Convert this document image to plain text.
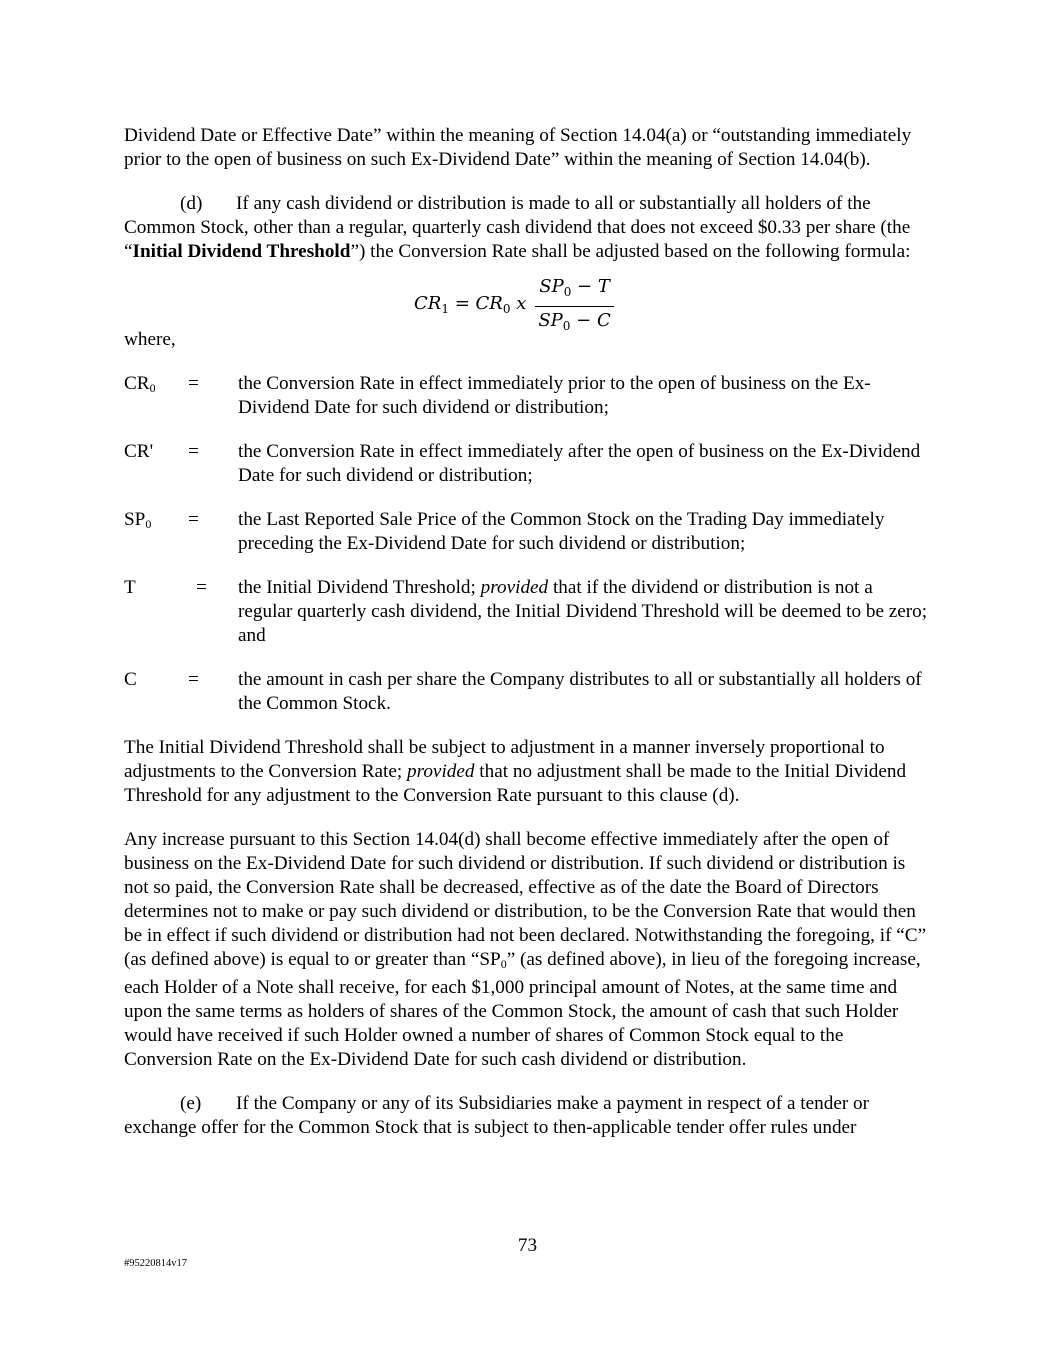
Dividend Date or Effective Date” within the meaning of Section 14.04(a) or “outstanding immediately prior to the open of business on such Ex-Dividend Date” within the meaning of Section 14.04(b).

(d) If any cash dividend or distribution is made to all or substantially all holders of the Common Stock, other than a regular, quarterly cash dividend that does not exceed $0.33 per share (the “Initial Dividend Threshold”) the Conversion Rate shall be adjusted based on the following formula:

$CR_1 = CR_0$ x $\frac{SP_0 - T}{SP_0 - C}$

where,

$CR_0$	=	the Conversion Rate in effect immediately prior to the open of business on the Ex-Dividend Date for such dividend or distribution;
CR'	=	the Conversion Rate in effect immediately after the open of business on the Ex-Dividend Date for such dividend or distribution;
$SP_0$	=	the Last Reported Sale Price of the Common Stock on the Trading Day immediately preceding the Ex-Dividend Date for such dividend or distribution;
T	=	the Initial Dividend Threshold; provided that if the dividend or distribution is not a regular quarterly cash dividend, the Initial Dividend Threshold will be deemed to be zero; and
C	=	the amount in cash per share the Company distributes to all or substantially all holders of the Common Stock.

The Initial Dividend Threshold shall be subject to adjustment in a manner inversely proportional to adjustments to the Conversion Rate; provided that no adjustment shall be made to the Initial Dividend Threshold for any adjustment to the Conversion Rate pursuant to this clause (d).

Any increase pursuant to this Section 14.04(d) shall become effective immediately after the open of business on the Ex-Dividend Date for such dividend or distribution. If such dividend or distribution is not so paid, the Conversion Rate shall be decreased, effective as of the date the Board of Directors determines not to make or pay such dividend or distribution, to be the Conversion Rate that would then be in effect if such dividend or distribution had not been declared. Notwithstanding the foregoing, if “C” (as defined above) is equal to or greater than “SP0” (as defined above), in lieu of the foregoing increase, each Holder of a Note shall receive, for each $1,000 principal amount of Notes, at the same time and upon the same terms as holders of shares of the Common Stock, the amount of cash that such Holder would have received if such Holder owned a number of shares of Common Stock equal to the Conversion Rate on the Ex-Dividend Date for such cash dividend or distribution.

(e) If the Company or any of its Subsidiaries make a payment in respect of a tender or exchange offer for the Common Stock that is subject to then-applicable tender offer rules under

73
#95220814v17
